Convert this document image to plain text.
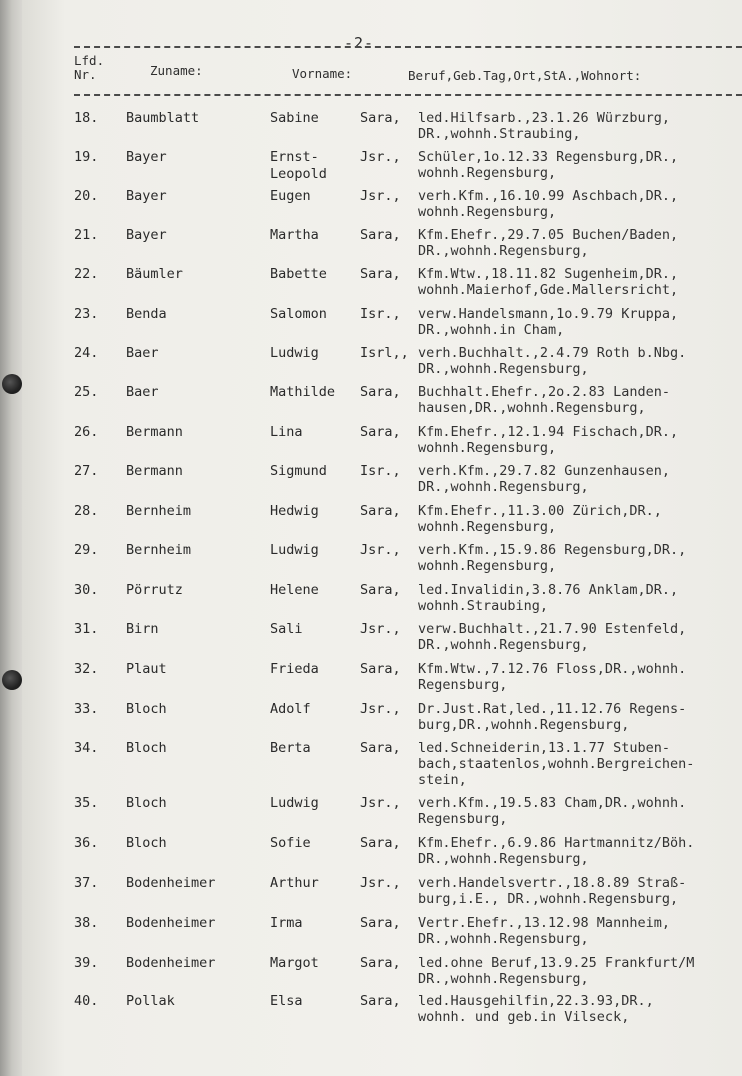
-2-
Lfd.
Nr.	Zuname:	Vorname:	Beruf,Geb.Tag,Ort,StA.,Wohnort:
18. Baumblatt	Sabine	Sara, led.Hilfsarb.,23.1.26 Würzburg,
DR.,wohnh.Straubing,
19. Bayer	Ernst-
Leopold
Jsr., Schüler,1o.12.33 Regensburg,DR.,
wohnh.Regensburg,
20. Bayer	Eugen	Jsr., verh.Kfm.,16.10.99 Aschbach,DR.,
wohnh.Regensburg,
21. Bayer	Martha	Sara, Kfm.Ehefr.,29.7.05 Buchen/Baden,
DR.,wohnh.Regensburg,
22. Bäumler	Babette Sara, Kfm.Wtw.,18.11.82 Sugenheim,DR.,
wohnh.Maierhof,Gde.Mallersricht,
23. Benda	Salomon Isr., verw.Handelsmann,1o.9.79 Kruppa,
DR.,wohnh.in Cham,
24. Baer	Ludwig	Isrl,, verh.Buchhalt.,2.4.79 Roth b.Nbg.
DR.,wohnh.Regensburg,
25. Baer	Mathilde Sara, Buchhalt.Ehefr.,2o.2.83 Landen-
hausen,DR.,wohnh.Regensburg,
26. Bermann	Lina	Sara, Kfm.Ehefr.,12.1.94 Fischach,DR.,
wohnh.Regensburg,
27. Bermann	Sigmund Isr., verh.Kfm.,29.7.82 Gunzenhausen,
DR.,wohnh.Regensburg,
28. Bernheim	Hedwig	Sara, Kfm.Ehefr.,11.3.00 Zürich,DR.,
wohnh.Regensburg,
29. Bernheim	Ludwig	Jsr., verh.Kfm.,15.9.86 Regensburg,DR.,
wohnh.Regensburg,
30. Pörrutz	Helene	Sara, led.Invalidin,3.8.76 Anklam,DR.,
wohnh.Straubing,
31. Birn	Sali	Jsr., verw.Buchhalt.,21.7.90 Estenfeld,
DR.,wohnh.Regensburg,
32. Plaut	Frieda	Sara, Kfm.Wtw.,7.12.76 Floss,DR.,wohnh.
Regensburg,
33. Bloch	Adolf	Jsr., Dr.Just.Rat,led.,11.12.76 Regens-
burg,DR.,wohnh.Regensburg,
34. Bloch	Berta	Sara, led.Schneiderin,13.1.77 Stuben-
bach,staatenlos,wohnh.Bergreichen-
stein,
35. Bloch	Ludwig	Jsr., verh.Kfm.,19.5.83 Cham,DR.,wohnh.
Regensburg,
36. Bloch	Sofie	Sara, Kfm.Ehefr.,6.9.86 Hartmannitz/Böh.
DR.,wohnh.Regensburg,
37. Bodenheimer	Arthur	Jsr., verh.Handelsvertr.,18.8.89 Straß-
burg,i.E., DR.,wohnh.Regensburg,
38. Bodenheimer	Irma	Sara, Vertr.Ehefr.,13.12.98 Mannheim,
DR.,wohnh.Regensburg,
39. Bodenheimer	Margot	Sara, led.ohne Beruf,13.9.25 Frankfurt/M
DR.,wohnh.Regensburg,
40. Pollak	Elsa	Sara, led.Hausgehilfin,22.3.93,DR.,
wohnh. und geb.in Vilseck,
